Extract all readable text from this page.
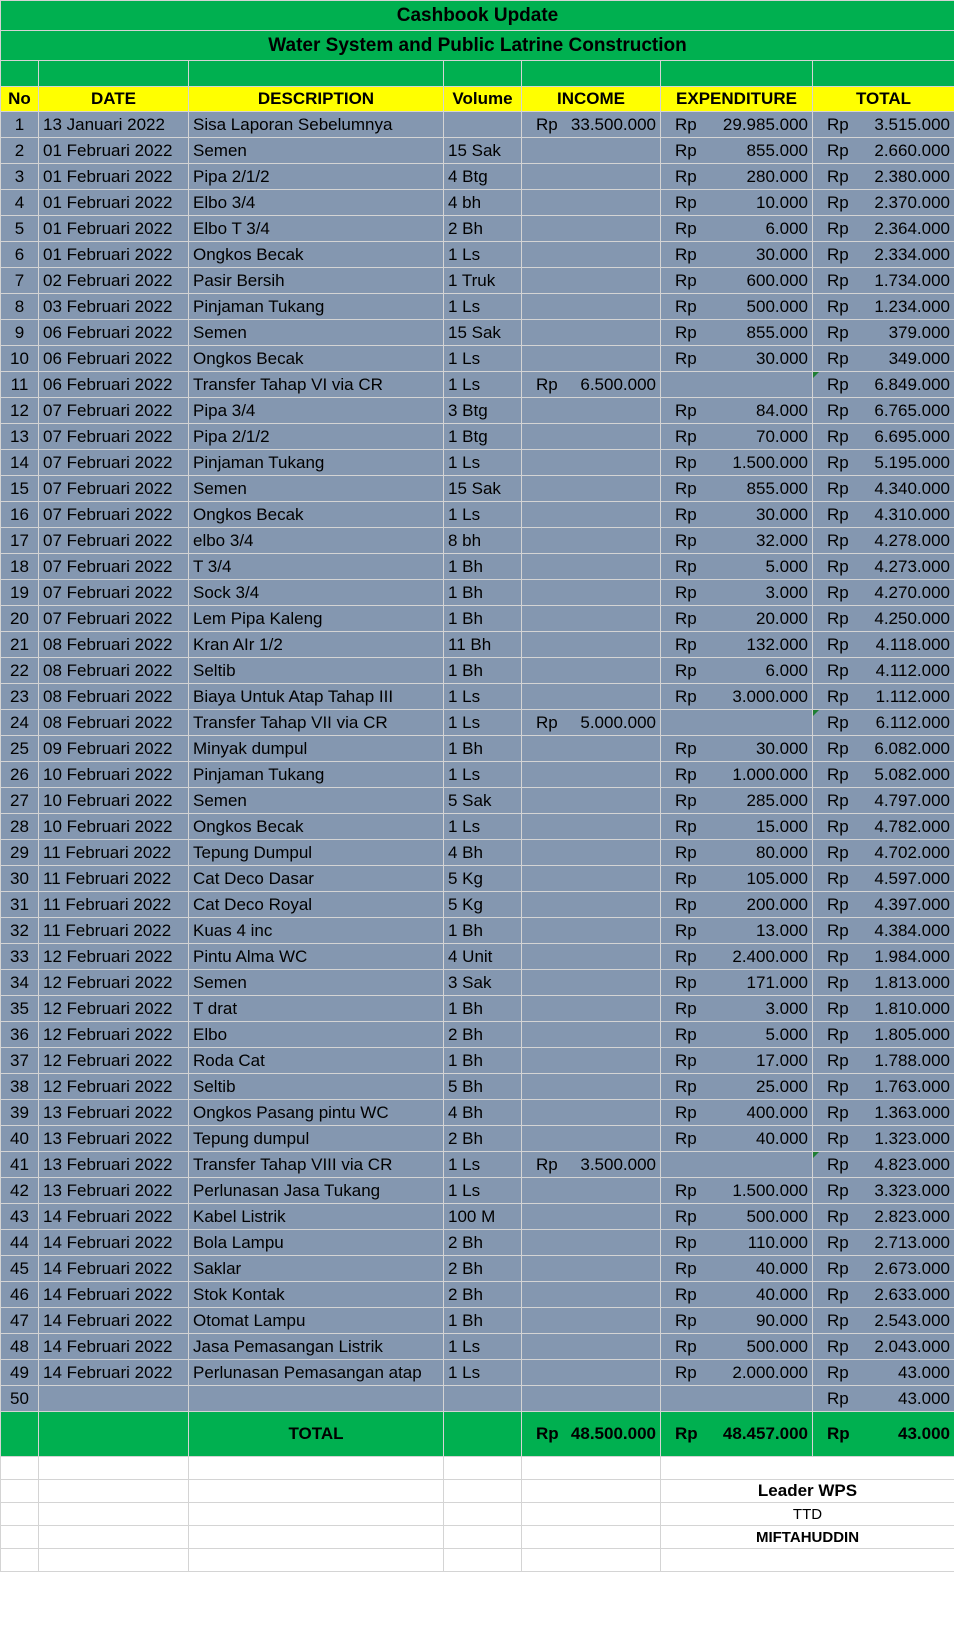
Cashbook Update						
Water System and Public Latrine Construction						

No	DATE	DESCRIPTION	Volume	INCOME	EXPENDITURE	TOTAL
1	13 Januari 2022	Sisa Laporan Sebelumnya		Rp 33.500.000	Rp 29.985.000	Rp 3.515.000

2	01 Februari 2022	Semen	15 Sak		Rp 855.000	Rp 2.660.000

3	01 Februari 2022	Pipa 2/1/2	4 Btg		Rp 280.000	Rp 2.380.000

4	01 Februari 2022	Elbo 3/4	4 bh		Rp 10.000	Rp 2.370.000

5	01 Februari 2022	Elbo T 3/4	2 Bh		Rp 6.000	Rp 2.364.000

6	01 Februari 2022	Ongkos Becak	1 Ls		Rp 30.000	Rp 2.334.000

7	02 Februari 2022	Pasir Bersih	1 Truk		Rp 600.000	Rp 1.734.000

8	03 Februari 2022	Pinjaman Tukang	1 Ls		Rp 500.000	Rp 1.234.000

9	06 Februari 2022	Semen	15 Sak		Rp 855.000	Rp 379.000

10	06 Februari 2022	Ongkos Becak	1 Ls		Rp 30.000	Rp 349.000

11	06 Februari 2022	Transfer Tahap VI via CR	1 Ls	Rp 6.500.000		Rp 6.849.000

12	07 Februari 2022	Pipa 3/4	3 Btg		Rp 84.000	Rp 6.765.000

13	07 Februari 2022	Pipa 2/1/2	1 Btg		Rp 70.000	Rp 6.695.000

14	07 Februari 2022	Pinjaman Tukang	1 Ls		Rp 1.500.000	Rp 5.195.000

15	07 Februari 2022	Semen	15 Sak		Rp 855.000	Rp 4.340.000

16	07 Februari 2022	Ongkos Becak	1 Ls		Rp 30.000	Rp 4.310.000

17	07 Februari 2022	elbo 3/4	8 bh		Rp 32.000	Rp 4.278.000

18	07 Februari 2022	T 3/4	1 Bh		Rp 5.000	Rp 4.273.000

19	07 Februari 2022	Sock 3/4	1 Bh		Rp 3.000	Rp 4.270.000

20	07 Februari 2022	Lem Pipa Kaleng	1 Bh		Rp 20.000	Rp 4.250.000

21	08 Februari 2022	Kran AIr 1/2	11 Bh		Rp 132.000	Rp 4.118.000

22	08 Februari 2022	Seltib	1 Bh		Rp 6.000	Rp 4.112.000

23	08 Februari 2022	Biaya Untuk Atap Tahap III	1 Ls		Rp 3.000.000	Rp 1.112.000

24	08 Februari 2022	Transfer Tahap VII via CR	1 Ls	Rp 5.000.000		Rp 6.112.000

25	09 Februari 2022	Minyak dumpul	1 Bh		Rp 30.000	Rp 6.082.000

26	10 Februari 2022	Pinjaman Tukang	1 Ls		Rp 1.000.000	Rp 5.082.000

27	10 Februari 2022	Semen	5 Sak		Rp 285.000	Rp 4.797.000

28	10 Februari 2022	Ongkos Becak	1 Ls		Rp 15.000	Rp 4.782.000

29	11 Februari 2022	Tepung Dumpul	4 Bh		Rp 80.000	Rp 4.702.000

30	11 Februari 2022	Cat Deco Dasar	5 Kg		Rp 105.000	Rp 4.597.000

31	11 Februari 2022	Cat Deco Royal	5 Kg		Rp 200.000	Rp 4.397.000

32	11 Februari 2022	Kuas 4 inc	1 Bh		Rp 13.000	Rp 4.384.000

33	12 Februari 2022	Pintu Alma WC	4 Unit		Rp 2.400.000	Rp 1.984.000

34	12 Februari 2022	Semen	3 Sak		Rp 171.000	Rp 1.813.000

35	12 Februari 2022	T drat	1 Bh		Rp 3.000	Rp 1.810.000

36	12 Februari 2022	Elbo	2 Bh		Rp 5.000	Rp 1.805.000

37	12 Februari 2022	Roda Cat	1 Bh		Rp 17.000	Rp 1.788.000

38	12 Februari 2022	Seltib	5 Bh		Rp 25.000	Rp 1.763.000

39	13 Februari 2022	Ongkos Pasang pintu WC	4 Bh		Rp 400.000	Rp 1.363.000

40	13 Februari 2022	Tepung dumpul	2 Bh		Rp 40.000	Rp 1.323.000

41	13 Februari 2022	Transfer Tahap VIII via CR	1 Ls	Rp 3.500.000		Rp 4.823.000

42	13 Februari 2022	Perlunasan Jasa Tukang	1 Ls		Rp 1.500.000	Rp 3.323.000

43	14 Februari 2022	Kabel Listrik	100 M		Rp 500.000	Rp 2.823.000

44	14 Februari 2022	Bola Lampu	2 Bh		Rp 110.000	Rp 2.713.000

45	14 Februari 2022	Saklar	2 Bh		Rp 40.000	Rp 2.673.000

46	14 Februari 2022	Stok Kontak	2 Bh		Rp 40.000	Rp 2.633.000

47	14 Februari 2022	Otomat Lampu	1 Bh		Rp 90.000	Rp 2.543.000

48	14 Februari 2022	Jasa Pemasangan Listrik	1 Ls		Rp 500.000	Rp 2.043.000

49	14 Februari 2022	Perlunasan Pemasangan atap	1 Ls		Rp 2.000.000	Rp 43.000

50						Rp 43.000

		TOTAL		Rp 48.500.000	Rp 48.457.000	Rp 43.000

					Leader WPS	
					TTD	
					MIFTAHUDDIN	
